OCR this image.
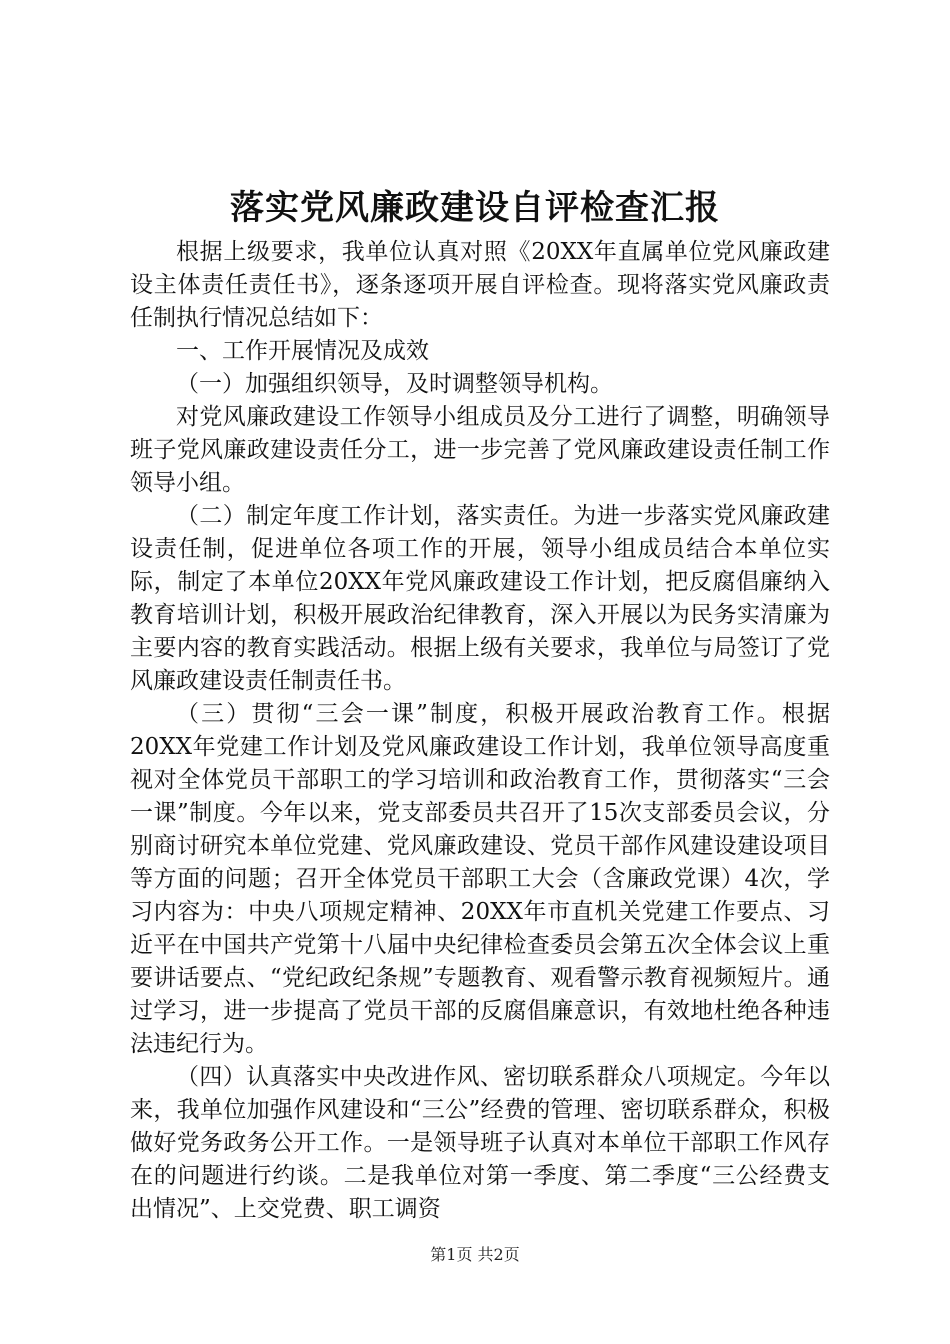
落实党风廉政建设自评检查汇报

根据上级要求，我单位认真对照《20XX年直属单位党风廉政建设主体责任责任书》，逐条逐项开展自评检查。现将落实党风廉政责任制执行情况总结如下：

一、工作开展情况及成效

（一）加强组织领导，及时调整领导机构。

对党风廉政建设工作领导小组成员及分工进行了调整，明确领导班子党风廉政建设责任分工，进一步完善了党风廉政建设责任制工作领导小组。

（二）制定年度工作计划，落实责任。为进一步落实党风廉政建设责任制，促进单位各项工作的开展，领导小组成员结合本单位实际，制定了本单位20XX年党风廉政建设工作计划，把反腐倡廉纳入教育培训计划，积极开展政治纪律教育，深入开展以为民务实清廉为主要内容的教育实践活动。根据上级有关要求，我单位与局签订了党风廉政建设责任制责任书。

（三）贯彻“三会一课”制度，积极开展政治教育工作。根据20XX年党建工作计划及党风廉政建设工作计划，我单位领导高度重视对全体党员干部职工的学习培训和政治教育工作，贯彻落实“三会一课”制度。今年以来，党支部委员共召开了15次支部委员会议，分别商讨研究本单位党建、党风廉政建设、党员干部作风建设建设项目等方面的问题；召开全体党员干部职工大会（含廉政党课）4次，学习内容为：中央八项规定精神、20XX年市直机关党建工作要点、习近平在中国共产党第十八届中央纪律检查委员会第五次全体会议上重要讲话要点、“党纪政纪条规”专题教育、观看警示教育视频短片。通过学习，进一步提高了党员干部的反腐倡廉意识，有效地杜绝各种违法违纪行为。

（四）认真落实中央改进作风、密切联系群众八项规定。今年以来，我单位加强作风建设和“三公”经费的管理、密切联系群众，积极做好党务政务公开工作。一是领导班子认真对本单位干部职工作风存在的问题进行约谈。二是我单位对第一季度、第二季度“三公经费支出情况”、上交党费、职工调资

第1页 共2页
